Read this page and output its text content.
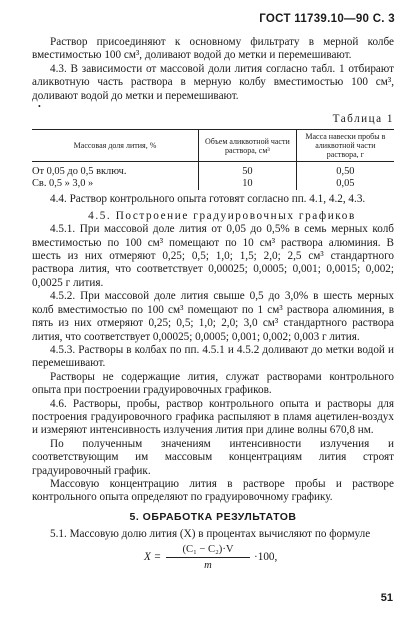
ГОСТ 11739.10—90 С. 3

Раствор присоединяют к основному фильтрату в мерной колбе вместимостью 100 см³, доливают водой до метки и перемешивают.

4.3. В зависимости от массовой доли лития согласно табл. 1 отбирают аликвотную часть раствора в мерную колбу вместимостью 100 см³, доливают водой до метки и перемешивают.

•
Таблица 1
Массовая доля лития, %	Объем аликвотной части раствора, см³	Масса навески пробы в аликвотной части раствора, г
От 0,05 до 0,5 включ.	50	0,50
Св. 0,5 » 3,0 »	10	0,05

4.4. Раствор контрольного опыта готовят согласно пп. 4.1, 4.2, 4.3.

4.5. Построение градуировочных графиков

4.5.1. При массовой доле лития от 0,05 до 0,5% в семь мерных колб вместимостью по 100 см³ помещают по 10 см³ раствора алюминия. В шесть из них отмеряют 0,25; 0,5; 1,0; 1,5; 2,0; 2,5 см³ стандартного раствора лития, что соответствует 0,00025; 0,0005; 0,001; 0,0015; 0,002; 0,0025 г лития.

4.5.2. При массовой доле лития свыше 0,5 до 3,0% в шесть мерных колб вместимостью по 100 см³ помещают по 1 см³ раствора алюминия, в пять из них отмеряют 0,25; 0,5; 1,0; 2,0; 3,0 см³ стандартного раствора лития, что соответствует 0,00025; 0,0005; 0,001; 0,002; 0,003 г лития.

4.5.3. Растворы в колбах по пп. 4.5.1 и 4.5.2 доливают до метки водой и перемешивают.

Растворы не содержащие лития, служат растворами контрольного опыта при построении градуировочных графиков.

4.6. Растворы, пробы, раствор контрольного опыта и растворы для построения градуировочного графика распыляют в пламя ацетилен-воздух и измеряют интенсивность излучения лития при длине волны 670,8 нм.

По полученным значениям интенсивности излучения и соответствующим им массовым концентрациям лития строят градуировочный график.

Массовую концентрацию лития в растворе пробы и растворе контрольного опыта определяют по градуировочному графику.

5. ОБРАБОТКА РЕЗУЛЬТАТОВ

5.1. Массовую долю лития (X) в процентах вычисляют по формуле

$X = \frac{\text{(C₁ − C₂)·V}}{m} \cdot 100$,
51
